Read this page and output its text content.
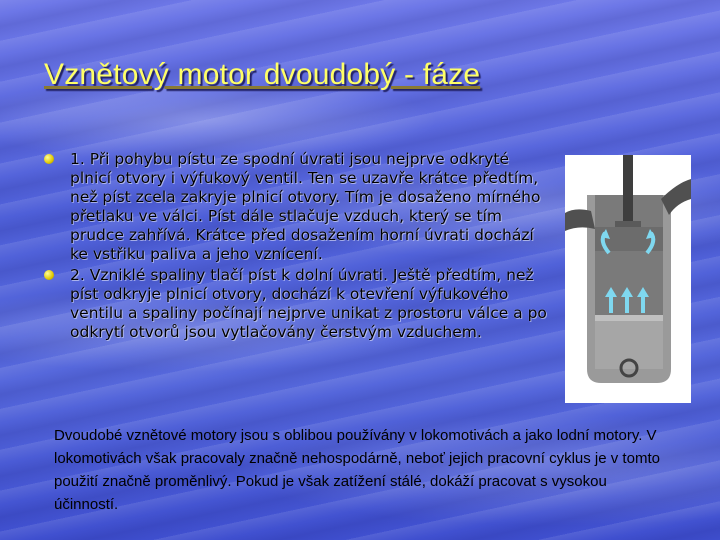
Vznětový motor dvoudobý - fáze
1. Při pohybu pístu ze spodní úvrati jsou nejprve odkryté plnicí otvory i výfukový ventil. Ten se uzavře krátce předtím, než píst zcela zakryje plnicí otvory. Tím je dosaženo mírného přetlaku ve válci. Píst dále stlačuje vzduch, který se tím prudce zahřívá. Krátce před dosažením horní úvrati dochází ke vstřiku paliva a jeho vznícení.
2. Vzniklé spaliny tlačí píst k dolní úvrati. Ještě předtím, než píst odkryje plnicí otvory, dochází k otevření výfukového ventilu a spaliny počínají nejprve unikat z prostoru válce a po odkrytí otvorů jsou vytlačovány čerstvým vzduchem.

Dvoudobé vznětové motory jsou s oblibou používány v lokomotivách a jako lodní motory. V lokomotivách však pracovaly značně nehospodárně, neboť jejich pracovní cyklus je v tomto použití značně proměnlivý. Pokud je však zatížení stálé, dokáží pracovat s vysokou účinností.
